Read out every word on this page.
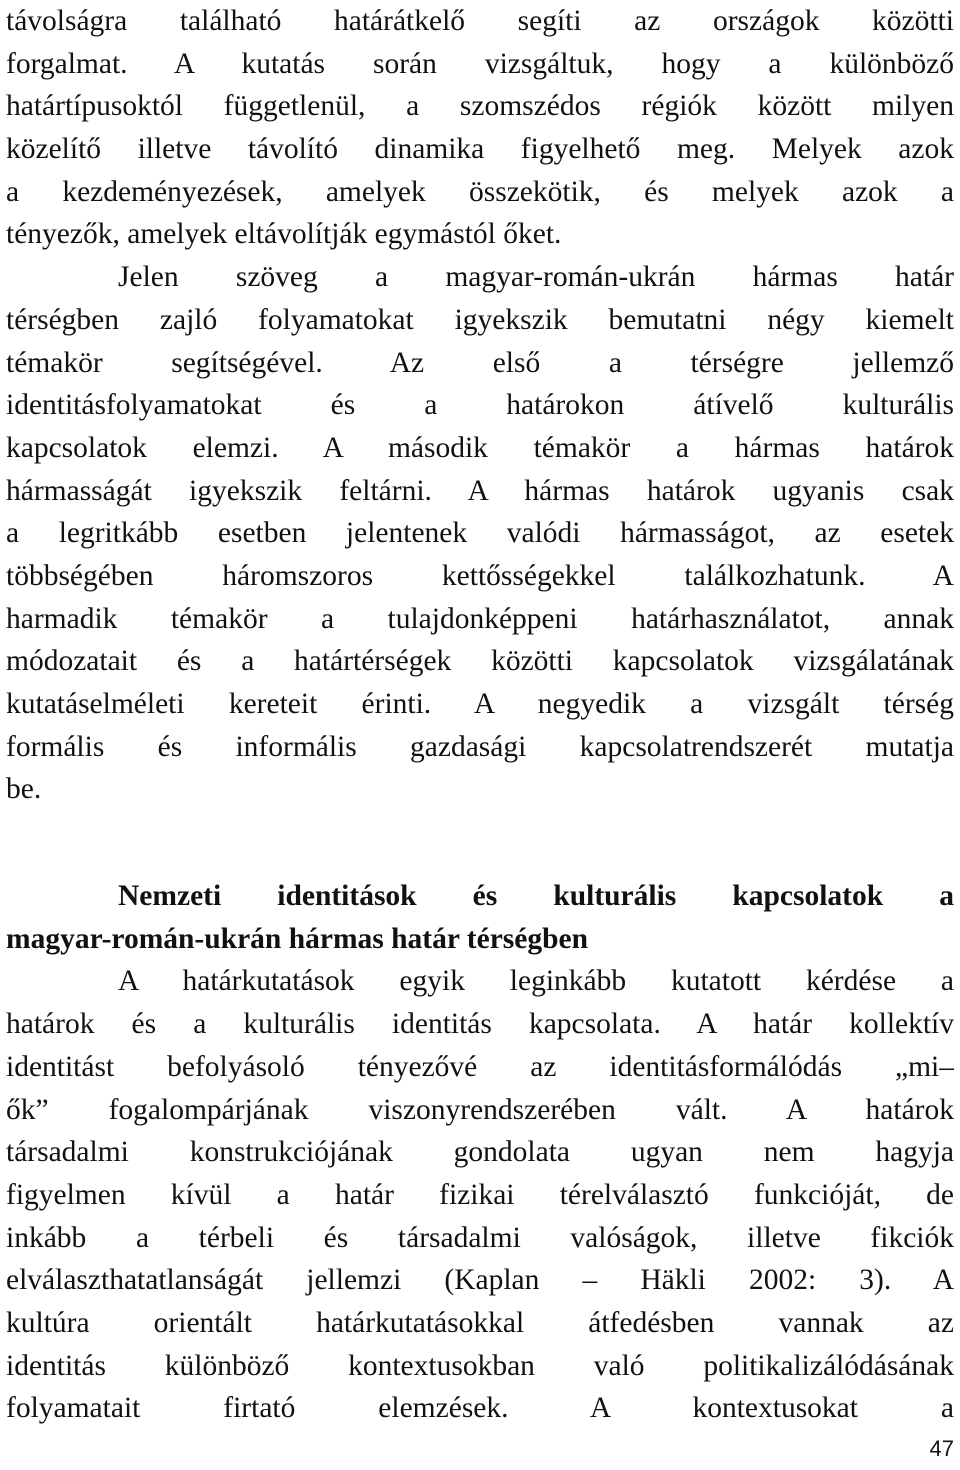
távolságra található határátkelő segíti az országok közötti
forgalmat. A kutatás során vizsgáltuk, hogy a különböző
határtípusoktól függetlenül, a szomszédos régiók között milyen
közelítő illetve távolító dinamika figyelhető meg. Melyek azok
a kezdeményezések, amelyek összekötik, és melyek azok a
tényezők, amelyek eltávolítják egymástól őket.
Jelen szöveg a magyar-román-ukrán hármas határ
térségben zajló folyamatokat igyekszik bemutatni négy kiemelt
témakör segítségével. Az első a térségre jellemző
identitásfolyamatokat és a határokon átívelő kulturális
kapcsolatok elemzi. A második témakör a hármas határok
hármasságát igyekszik feltárni. A hármas határok ugyanis csak
a legritkább esetben jelentenek valódi hármasságot, az esetek
többségében háromszoros kettősségekkel találkozhatunk. A
harmadik témakör a tulajdonképpeni határhasználatot, annak
módozatait és a határtérségek közötti kapcsolatok vizsgálatának
kutatáselméleti kereteit érinti. A negyedik a vizsgált térség
formális és informális gazdasági kapcsolatrendszerét mutatja
be.
Nemzeti identitások és kulturális kapcsolatok a
magyar-román-ukrán hármas határ térségben
A határkutatások egyik leginkább kutatott kérdése a
határok és a kulturális identitás kapcsolata. A határ kollektív
identitást befolyásoló tényezővé az identitásformálódás „mi–
ők” fogalompárjának viszonyrendszerében vált. A határok
társadalmi konstrukciójának gondolata ugyan nem hagyja
figyelmen kívül a határ fizikai térelválasztó funkcióját, de
inkább a térbeli és társadalmi valóságok, illetve fikciók
elválaszthatatlanságát jellemzi (Kaplan – Häkli 2002: 3). A
kultúra orientált határkutatásokkal átfedésben vannak az
identitás különböző kontextusokban való politikalizálódásának
folyamatait firtató elemzések. A kontextusokat a
47
